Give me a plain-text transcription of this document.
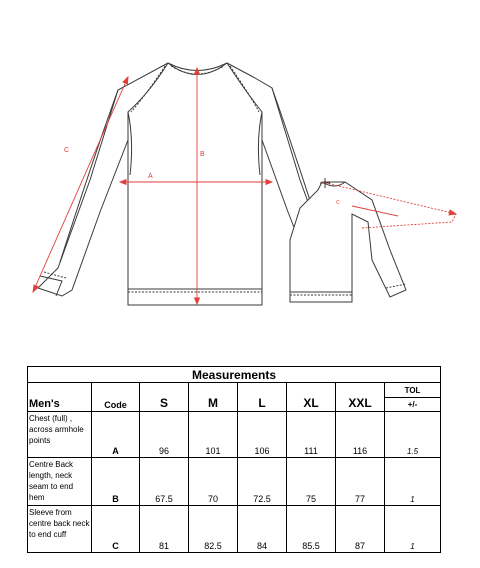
A
B
C
C
Measurements							
Men's	Code	S	M	L	XL	XXL	TOL
+/-

Chest (full) , across armhole points	A	96	101	106	111	116	1.5
Centre Back length, neck seam to end hem	B	67.5	70	72.5	75	77	1
Sleeve from centre back neck to end cuff	C	81	82.5	84	85.5	87	1
